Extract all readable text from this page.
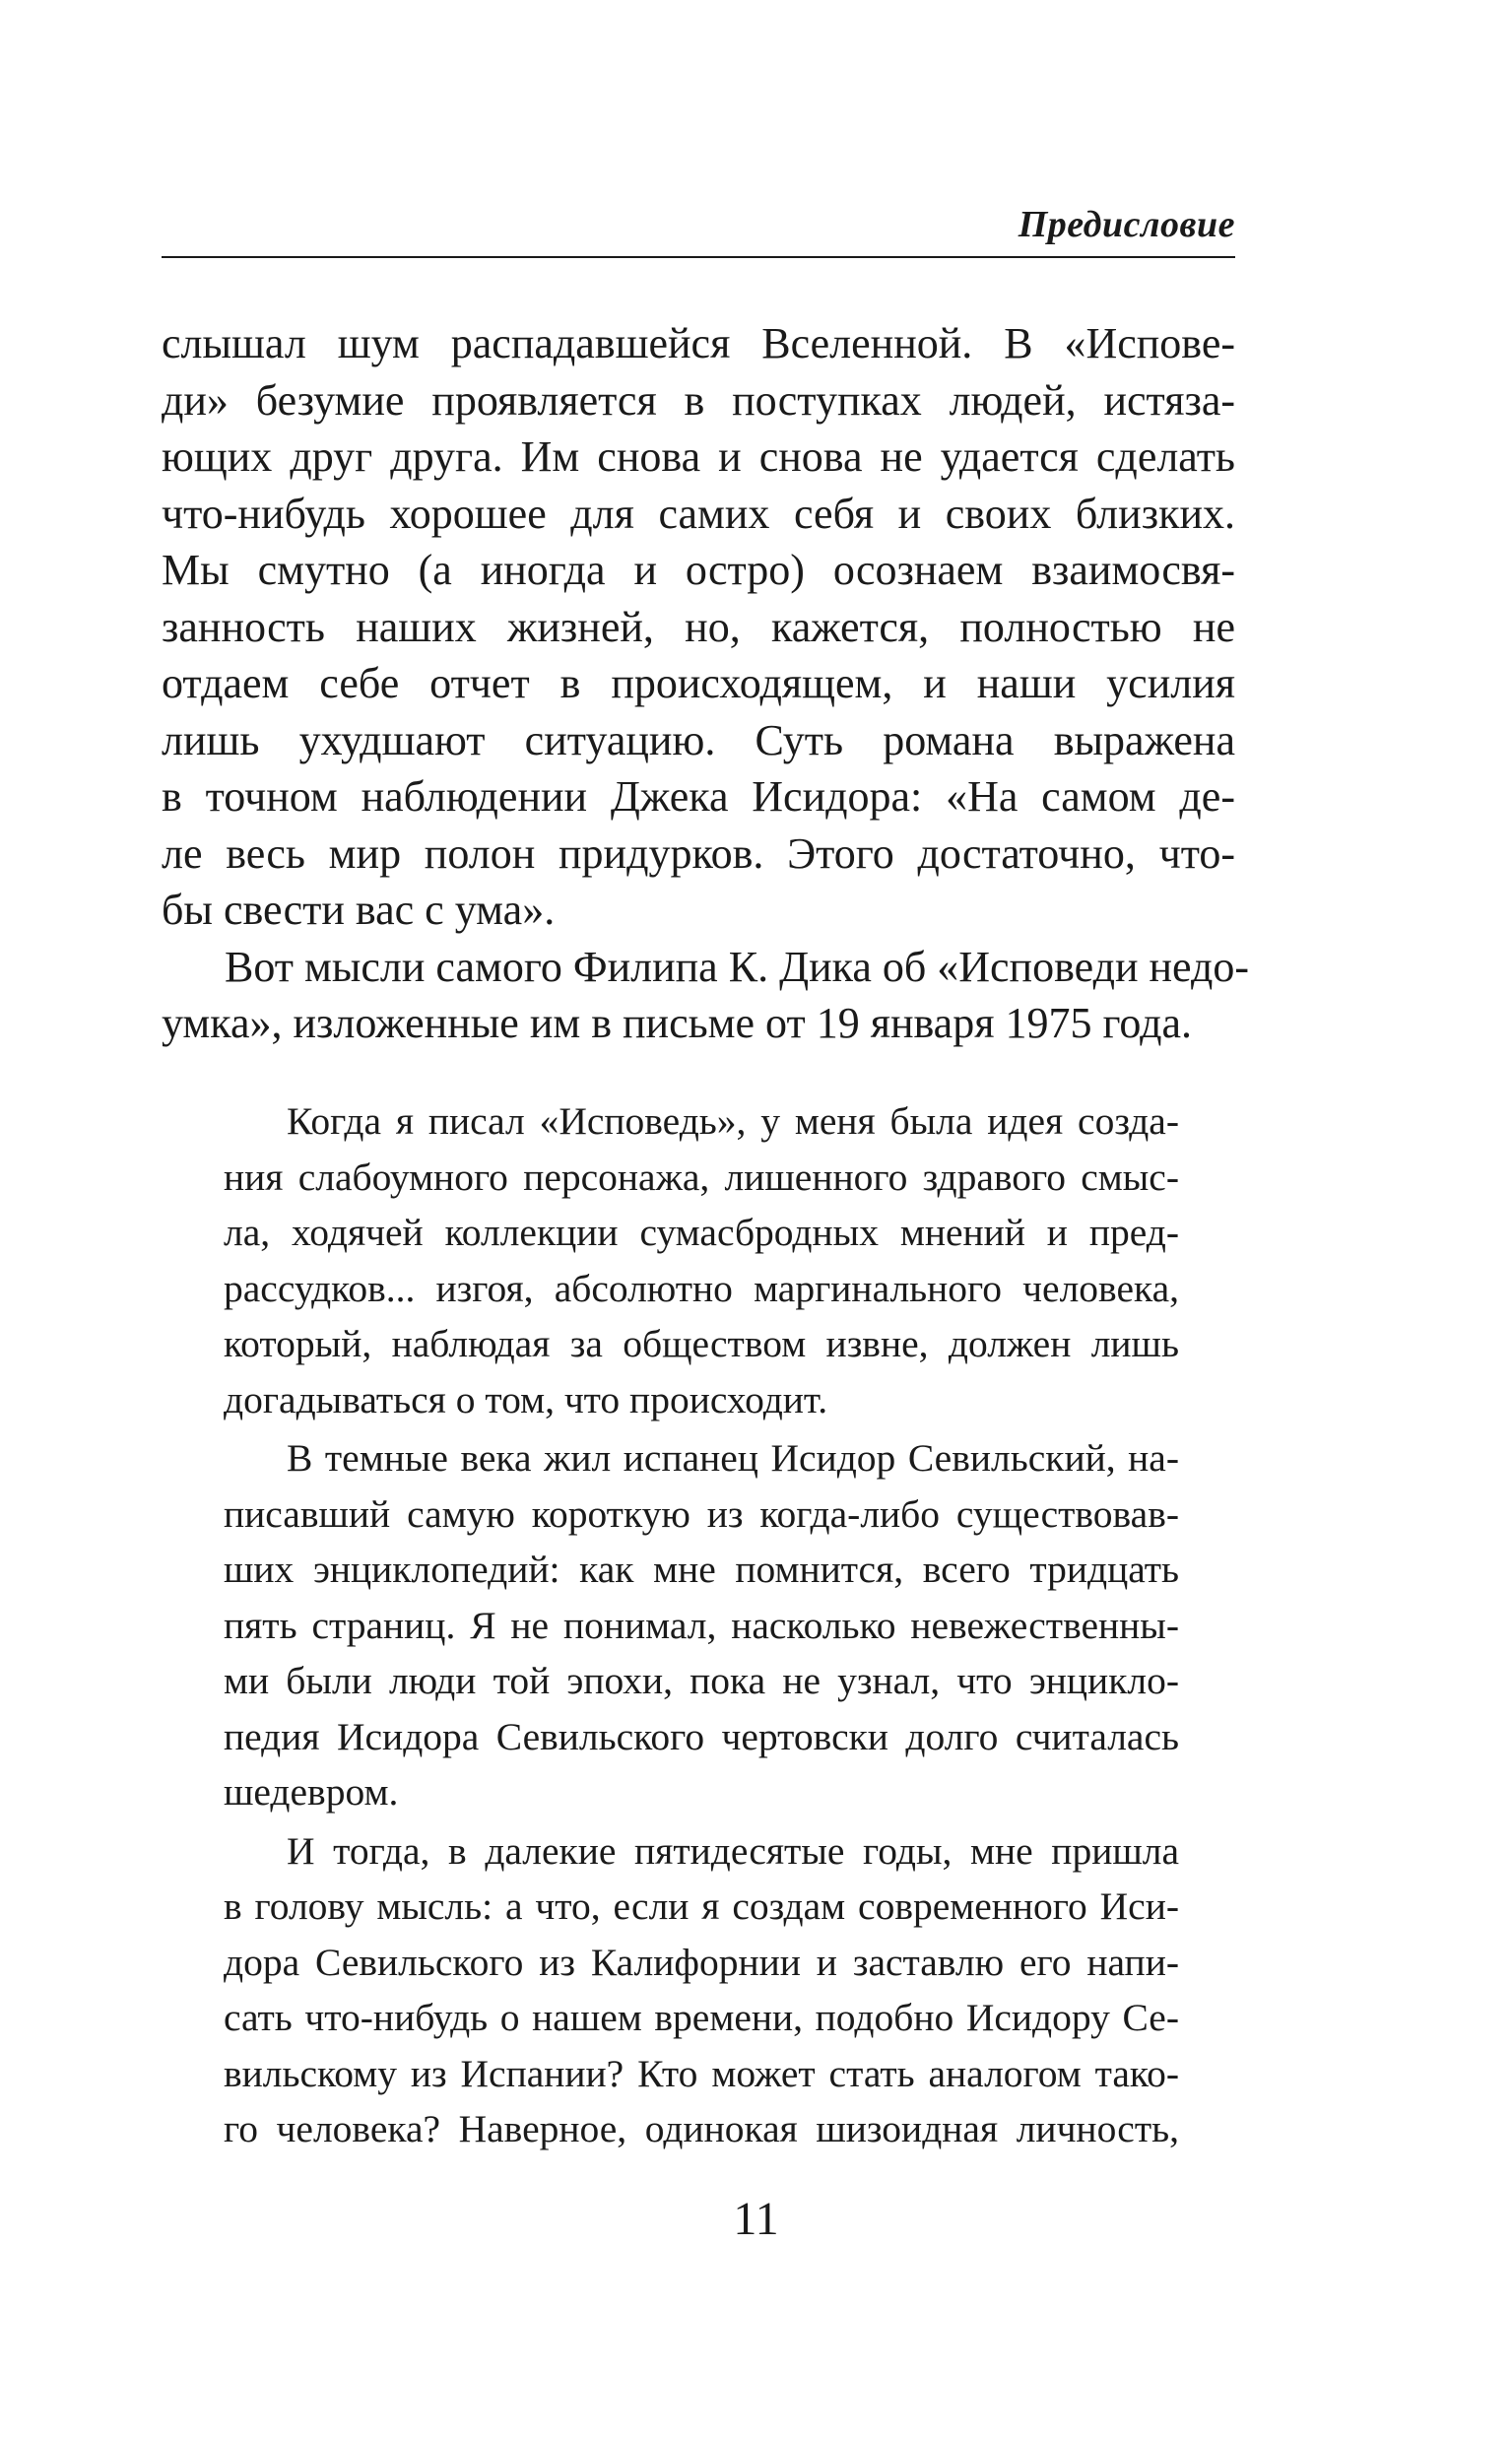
Предисловие
слышал шум распадавшейся Вселенной. В «Испове-
ди» безумие проявляется в поступках людей, истяза-
ющих друг друга. Им снова и снова не удается сделать
что-нибудь хорошее для самих себя и своих близких.
Мы смутно (а иногда и остро) осознаем взаимосвя-
занность наших жизней, но, кажется, полностью не
отдаем себе отчет в происходящем, и наши усилия
лишь ухудшают ситуацию. Суть романа выражена
в точном наблюдении Джека Исидора: «На самом де-
ле весь мир полон придурков. Этого достаточно, что-
бы свести вас с ума».
Вот мысли самого Филипа К. Дика об «Исповеди недо-
умка», изложенные им в письме от 19 января 1975 года.
Когда я писал «Исповедь», у меня была идея созда-
ния слабоумного персонажа, лишенного здравого смыс-
ла, ходячей коллекции сумасбродных мнений и пред-
рассудков... изгоя, абсолютно маргинального человека,
который, наблюдая за обществом извне, должен лишь
догадываться о том, что происходит.
В темные века жил испанец Исидор Севильский, на-
писавший самую короткую из когда-либо существовав-
ших энциклопедий: как мне помнится, всего тридцать
пять страниц. Я не понимал, насколько невежественны-
ми были люди той эпохи, пока не узнал, что энцикло-
педия Исидора Севильского чертовски долго считалась
шедевром.
И тогда, в далекие пятидесятые годы, мне пришла
в голову мысль: а что, если я создам современного Иси-
дора Севильского из Калифорнии и заставлю его напи-
сать что-нибудь о нашем времени, подобно Исидору Се-
вильскому из Испании? Кто может стать аналогом тако-
го человека? Наверное, одинокая шизоидная личность,
11
